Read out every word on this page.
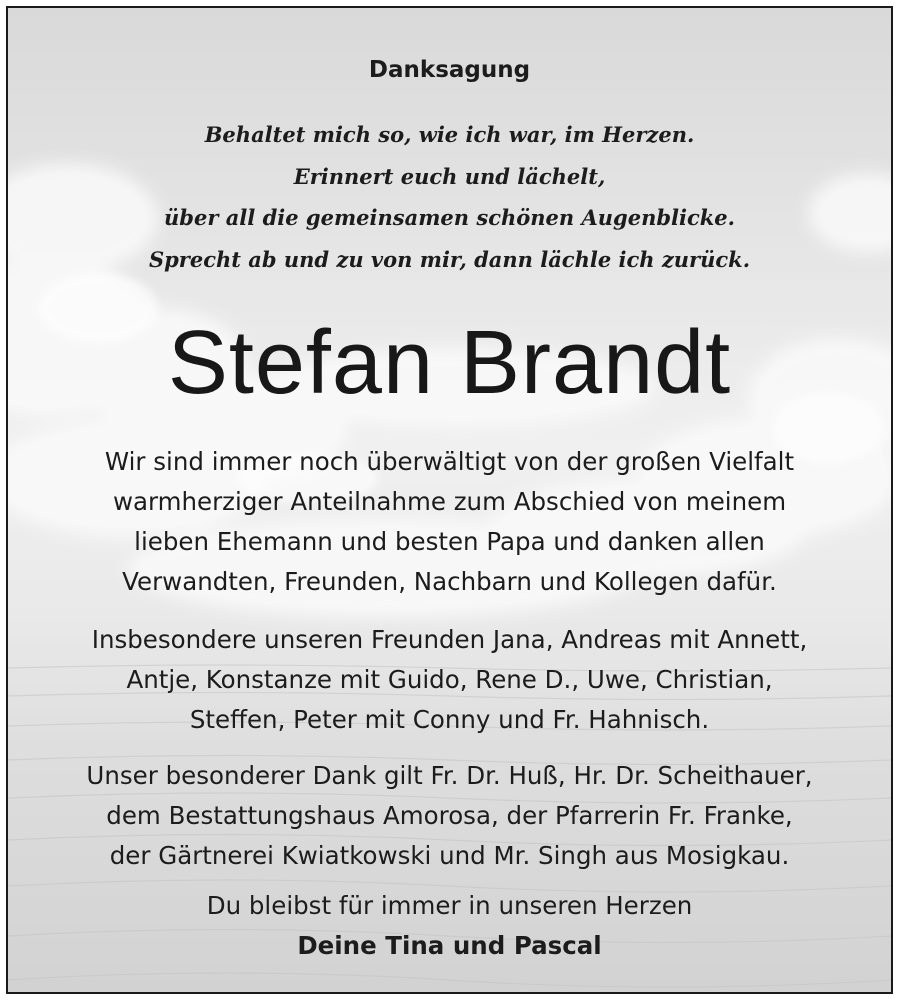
Danksagung
Behaltet mich so, wie ich war, im Herzen.
Erinnert euch und lächelt,
über all die gemeinsamen schönen Augenblicke.
Sprecht ab und zu von mir, dann lächle ich zurück.
Stefan Brandt
Wir sind immer noch überwältigt von der großen Vielfalt
warmherziger Anteilnahme zum Abschied von meinem
lieben Ehemann und besten Papa und danken allen
Verwandten, Freunden, Nachbarn und Kollegen dafür.
Insbesondere unseren Freunden Jana, Andreas mit Annett,
Antje, Konstanze mit Guido, Rene D., Uwe, Christian,
Steffen, Peter mit Conny und Fr. Hahnisch.
Unser besonderer Dank gilt Fr. Dr. Huß, Hr. Dr. Scheithauer,
dem Bestattungshaus Amorosa, der Pfarrerin Fr. Franke,
der Gärtnerei Kwiatkowski und Mr. Singh aus Mosigkau.
Du bleibst für immer in unseren Herzen
Deine Tina und Pascal
